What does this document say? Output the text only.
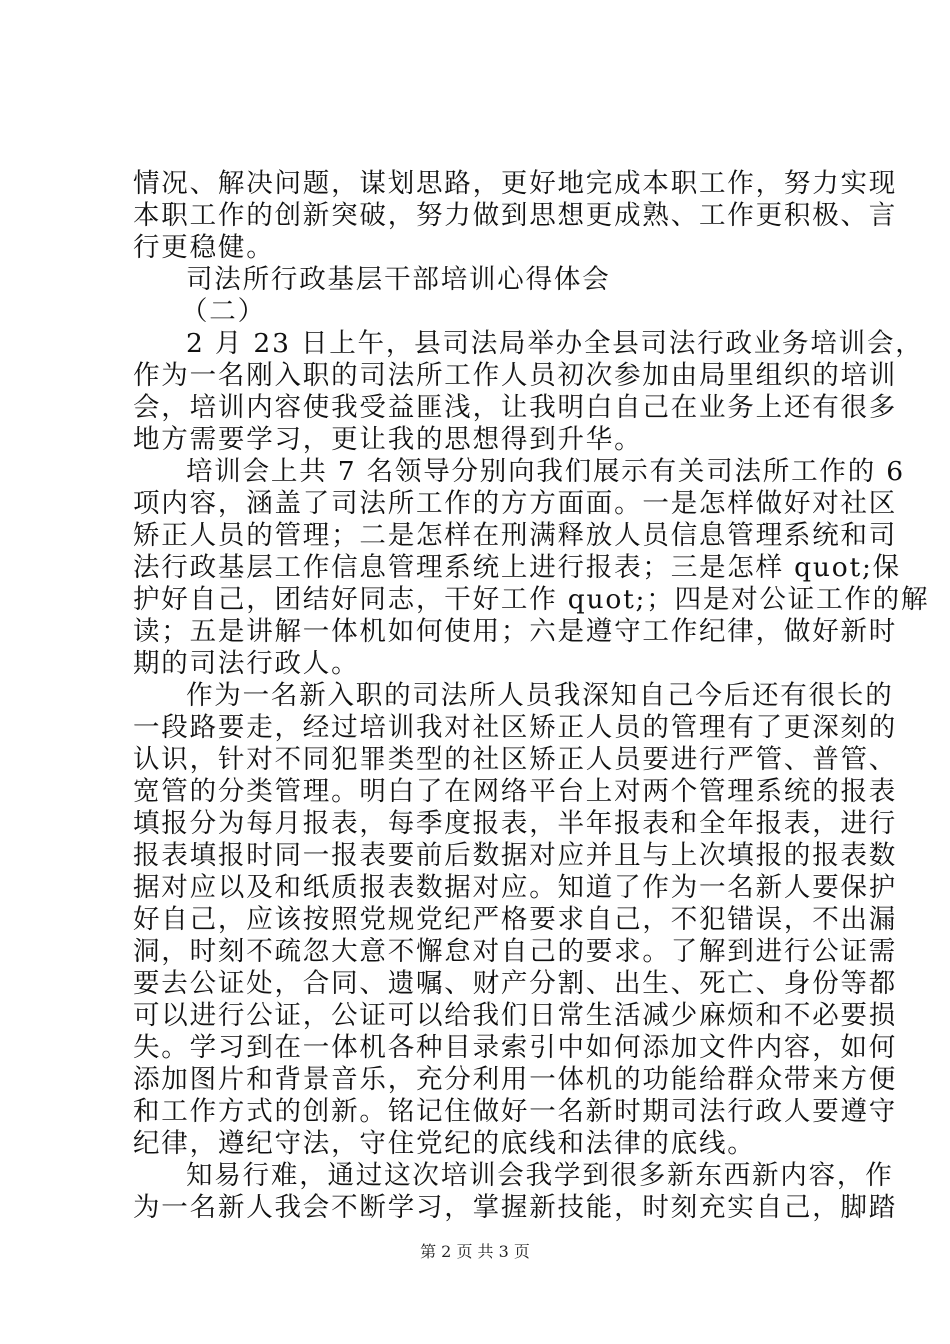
情况、解决问题，谋划思路，更好地完成本职工作，努力实现
本职工作的创新突破，努力做到思想更成熟、工作更积极、言
行更稳健。
司法所行政基层干部培训心得体会
（二）
2 月 23 日上午，县司法局举办全县司法行政业务培训会，
作为一名刚入职的司法所工作人员初次参加由局里组织的培训
会，培训内容使我受益匪浅，让我明白自己在业务上还有很多
地方需要学习，更让我的思想得到升华。
培训会上共 7 名领导分别向我们展示有关司法所工作的 6
项内容，涵盖了司法所工作的方方面面。一是怎样做好对社区
矫正人员的管理；二是怎样在刑满释放人员信息管理系统和司
法行政基层工作信息管理系统上进行报表；三是怎样 quot;保
护好自己，团结好同志，干好工作 quot;；四是对公证工作的解
读；五是讲解一体机如何使用；六是遵守工作纪律，做好新时
期的司法行政人。
作为一名新入职的司法所人员我深知自己今后还有很长的
一段路要走，经过培训我对社区矫正人员的管理有了更深刻的
认识，针对不同犯罪类型的社区矫正人员要进行严管、普管、
宽管的分类管理。明白了在网络平台上对两个管理系统的报表
填报分为每月报表，每季度报表，半年报表和全年报表，进行
报表填报时同一报表要前后数据对应并且与上次填报的报表数
据对应以及和纸质报表数据对应。知道了作为一名新人要保护
好自己，应该按照党规党纪严格要求自己，不犯错误，不出漏
洞，时刻不疏忽大意不懈怠对自己的要求。了解到进行公证需
要去公证处，合同、遗嘱、财产分割、出生、死亡、身份等都
可以进行公证，公证可以给我们日常生活减少麻烦和不必要损
失。学习到在一体机各种目录索引中如何添加文件内容，如何
添加图片和背景音乐，充分利用一体机的功能给群众带来方便
和工作方式的创新。铭记住做好一名新时期司法行政人要遵守
纪律，遵纪守法，守住党纪的底线和法律的底线。
知易行难，通过这次培训会我学到很多新东西新内容，作
为一名新人我会不断学习，掌握新技能，时刻充实自己，脚踏
第 2 页 共 3 页
